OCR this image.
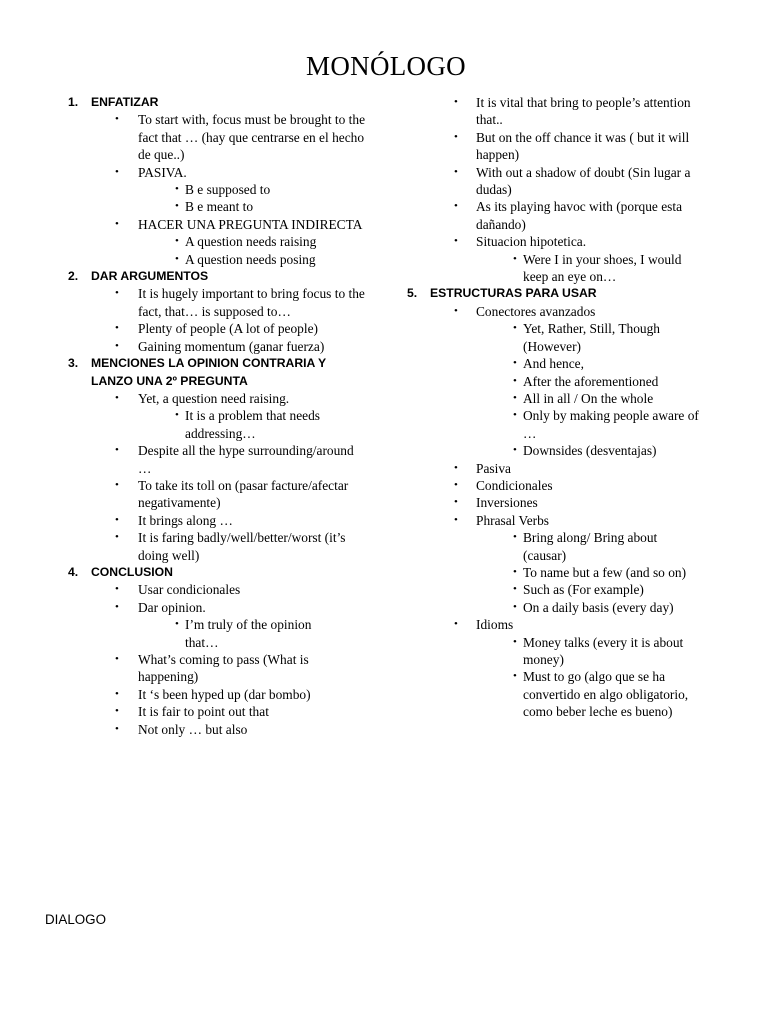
MONÓLOGO
1. ENFATIZAR
• To start with, focus must be brought to the fact that … (hay que centrarse en el hecho de que..)
• PASIVA.
• B e supposed to
• B e meant to
• HACER UNA PREGUNTA INDIRECTA
• A question needs raising
• A question needs posing
2. DAR ARGUMENTOS
• It is hugely important to bring focus to the fact, that… is supposed to…
• Plenty of people (A lot of people)
• Gaining momentum (ganar fuerza)
3. MENCIONES LA OPINION CONTRARIA Y LANZO UNA 2º PREGUNTA
• Yet, a question need raising.
• It is a problem that needs addressing…
• Despite all the hype surrounding/around …
• To take its toll on (pasar facture/afectar negativamente)
• It brings along …
• It is faring badly/well/better/worst (it’s doing well)
4. CONCLUSION
• Usar condicionales
• Dar opinion.
• I’m truly of the opinion that…
• What’s coming to pass (What is happening)
• It ‘s been hyped up (dar bombo)
• It is fair to point out that
• Not only … but also
• It is vital that bring to people’s attention that..
• But on the off chance it was ( but it will happen)
• With out a shadow of doubt (Sin lugar a dudas)
• As its playing havoc with (porque esta dañando)
• Situacion hipotetica.
• Were I in your shoes, I would keep an eye on…
5. ESTRUCTURAS PARA USAR
• Conectores avanzados
• Yet, Rather, Still, Though (However)
• And hence,
• After the aforementioned
• All in all / On the whole
• Only by making people aware of …
• Downsides (desventajas)
• Pasiva
• Condicionales
• Inversiones
• Phrasal Verbs
• Bring along/ Bring about (causar)
• To name but a few (and so on)
• Such as (For example)
• On a daily basis (every day)
• Idioms
• Money talks (every it is about money)
• Must to go (algo que se ha convertido en algo obligatorio, como beber leche es bueno)
DIALOGO
